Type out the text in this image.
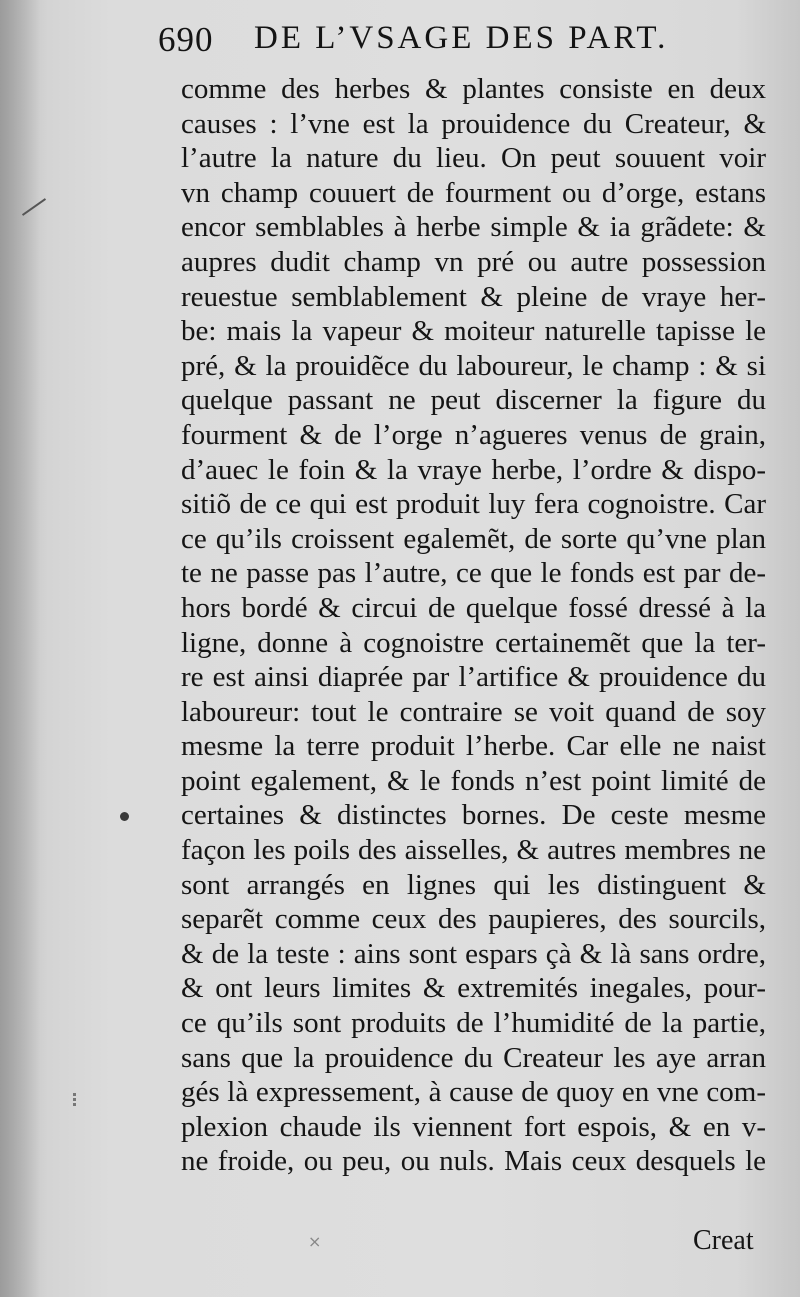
690 DE L’VSAGE DES PART.
comme des herbes & plantes consiste en deux
causes : l’vne est la prouidence du Createur, &
l’autre la nature du lieu. On peut souuent voir
vn champ couuert de fourment ou d’orge, estans
encor semblables à herbe simple & ia grãdete: &
aupres dudit champ vn pré ou autre possession
reuestue semblablement & pleine de vraye her-
be: mais la vapeur & moiteur naturelle tapisse le
pré, & la prouidẽce du laboureur, le champ : & si
quelque passant ne peut discerner la figure du
fourment & de l’orge n’agueres venus de grain,
d’auec le foin & la vraye herbe, l’ordre & dispo-
sitiõ de ce qui est produit luy fera cognoistre. Car
ce qu’ils croissent egalemẽt, de sorte qu’vne plan
te ne passe pas l’autre, ce que le fonds est par de-
hors bordé & circui de quelque fossé dressé à la
ligne, donne à cognoistre certainemẽt que la ter-
re est ainsi diaprée par l’artifice & prouidence du
laboureur: tout le contraire se voit quand de soy
mesme la terre produit l’herbe. Car elle ne naist
point egalement, & le fonds n’est point limité de
certaines & distinctes bornes. De ceste mesme
façon les poils des aisselles, & autres membres ne
sont arrangés en lignes qui les distinguent &
separẽt comme ceux des paupieres, des sourcils,
& de la teste : ains sont espars çà & là sans ordre,
& ont leurs limites & extremités inegales, pour-
ce qu’ils sont produits de l’humidité de la partie,
sans que la prouidence du Createur les aye arran
gés là expressement, à cause de quoy en vne com-
plexion chaude ils viennent fort espois, & en v-
ne froide, ou peu, ou nuls. Mais ceux desquels le
Creat
×
